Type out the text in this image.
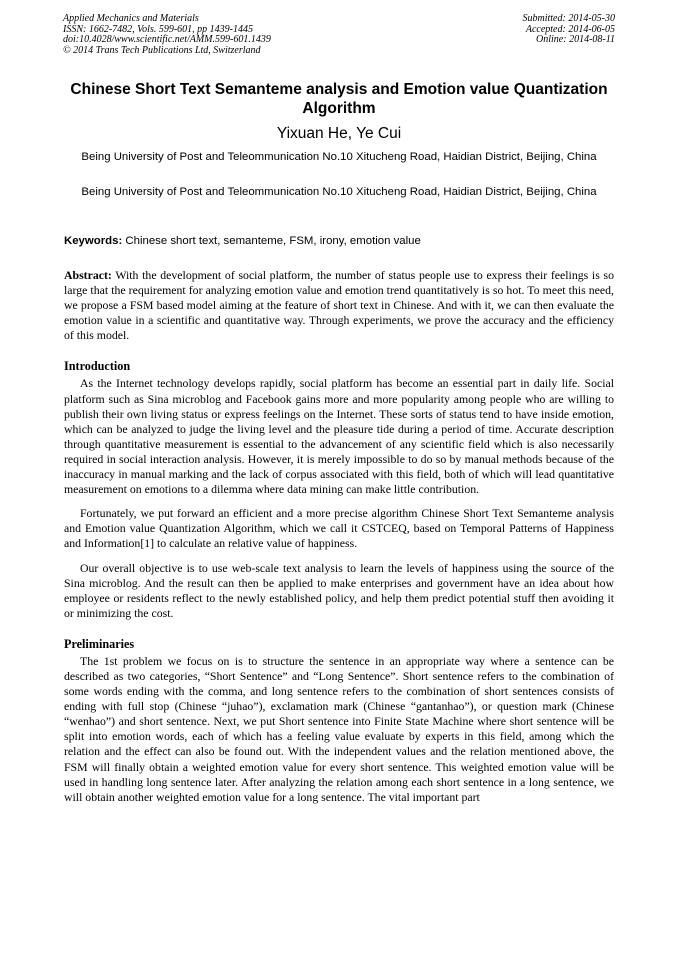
Applied Mechanics and Materials
ISSN: 1662-7482, Vols. 599-601, pp 1439-1445
doi:10.4028/www.scientific.net/AMM.599-601.1439
© 2014 Trans Tech Publications Ltd, Switzerland
Submitted: 2014-05-30
Accepted: 2014-06-05
Online: 2014-08-11
Chinese Short Text Semanteme analysis and Emotion value Quantization Algorithm
Yixuan He, Ye Cui
Being University of Post and Teleommunication No.10 Xitucheng Road, Haidian District, Beijing, China
Being University of Post and Teleommunication No.10 Xitucheng Road, Haidian District, Beijing, China
Keywords: Chinese short text, semanteme, FSM, irony, emotion value

Abstract: With the development of social platform, the number of status people use to express their feelings is so large that the requirement for analyzing emotion value and emotion trend quantitatively is so hot. To meet this need, we propose a FSM based model aiming at the feature of short text in Chinese. And with it, we can then evaluate the emotion value in a scientific and quantitative way. Through experiments, we prove the accuracy and the efficiency of this model.

Introduction

As the Internet technology develops rapidly, social platform has become an essential part in daily life. Social platform such as Sina microblog and Facebook gains more and more popularity among people who are willing to publish their own living status or express feelings on the Internet. These sorts of status tend to have inside emotion, which can be analyzed to judge the living level and the pleasure tide during a period of time. Accurate description through quantitative measurement is essential to the advancement of any scientific field which is also necessarily required in social interaction analysis. However, it is merely impossible to do so by manual methods because of the inaccuracy in manual marking and the lack of corpus associated with this field, both of which will lead quantitative measurement on emotions to a dilemma where data mining can make little contribution.

Fortunately, we put forward an efficient and a more precise algorithm Chinese Short Text Semanteme analysis and Emotion value Quantization Algorithm, which we call it CSTCEQ, based on Temporal Patterns of Happiness and Information[1] to calculate an relative value of happiness.

Our overall objective is to use web-scale text analysis to learn the levels of happiness using the source of the Sina microblog. And the result can then be applied to make enterprises and government have an idea about how employee or residents reflect to the newly established policy, and help them predict potential stuff then avoiding it or minimizing the cost.

Preliminaries

The 1st problem we focus on is to structure the sentence in an appropriate way where a sentence can be described as two categories, “Short Sentence” and “Long Sentence”. Short sentence refers to the combination of some words ending with the comma, and long sentence refers to the combination of short sentences consists of ending with full stop (Chinese “juhao”), exclamation mark (Chinese “gantanhao”), or question mark (Chinese “wenhao”) and short sentence. Next, we put Short sentence into Finite State Machine where short sentence will be split into emotion words, each of which has a feeling value evaluate by experts in this field, among which the relation and the effect can also be found out. With the independent values and the relation mentioned above, the FSM will finally obtain a weighted emotion value for every short sentence. This weighted emotion value will be used in handling long sentence later. After analyzing the relation among each short sentence in a long sentence, we will obtain another weighted emotion value for a long sentence. The vital important part
